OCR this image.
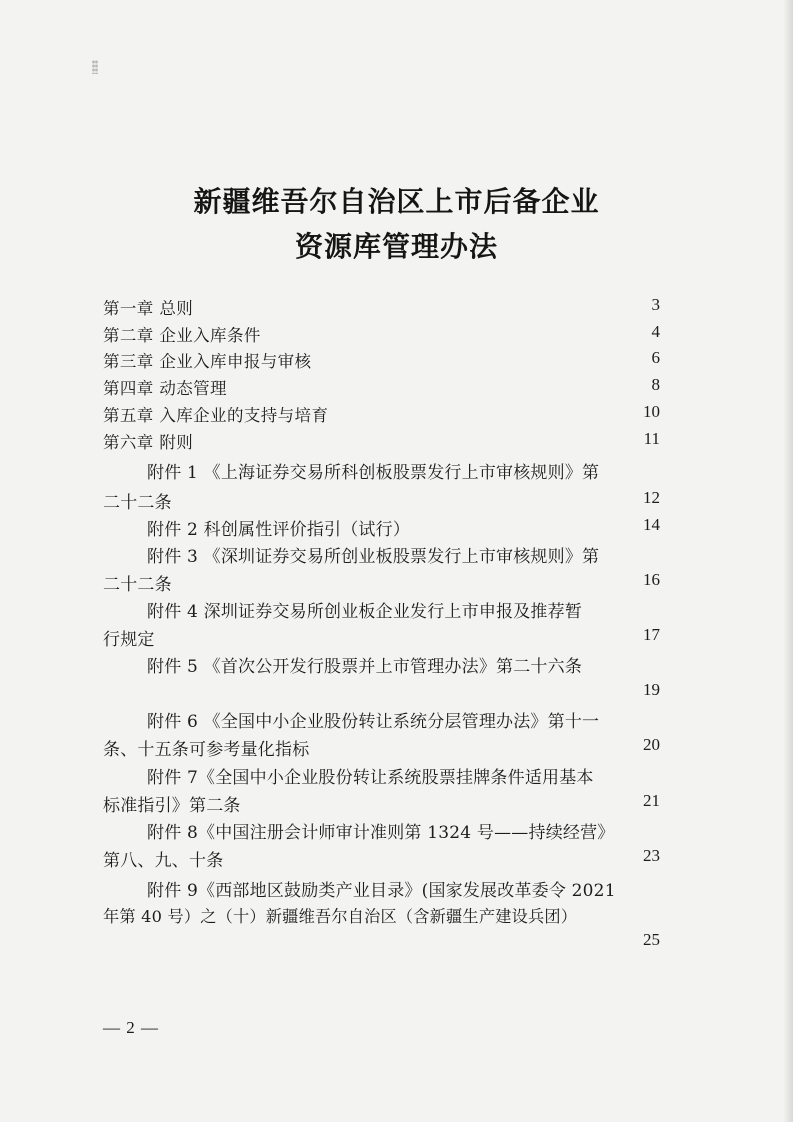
新疆维吾尔自治区上市后备企业
资源库管理办法
第一章 总则	3
第二章 企业入库条件	4
第三章 企业入库申报与审核	6
第四章 动态管理	8
第五章 入库企业的支持与培育	10
第六章 附则	11
附件 1 《上海证券交易所科创板股票发行上市审核规则》第
二十二条	12
附件 2 科创属性评价指引（试行）	14
附件 3 《深圳证券交易所创业板股票发行上市审核规则》第
二十二条	16
附件 4 深圳证券交易所创业板企业发行上市申报及推荐暂
行规定	17
附件 5 《首次公开发行股票并上市管理办法》第二十六条
19
附件 6 《全国中小企业股份转让系统分层管理办法》第十一
条、十五条可参考量化指标	20
附件 7《全国中小企业股份转让系统股票挂牌条件适用基本
标准指引》第二条	21
附件 8《中国注册会计师审计准则第 1324 号——持续经营》
第八、九、十条	23
附件 9《西部地区鼓励类产业目录》(国家发展改革委令 2021
年第 40 号）之（十）新疆维吾尔自治区（含新疆生产建设兵团）
25
— 2 —
